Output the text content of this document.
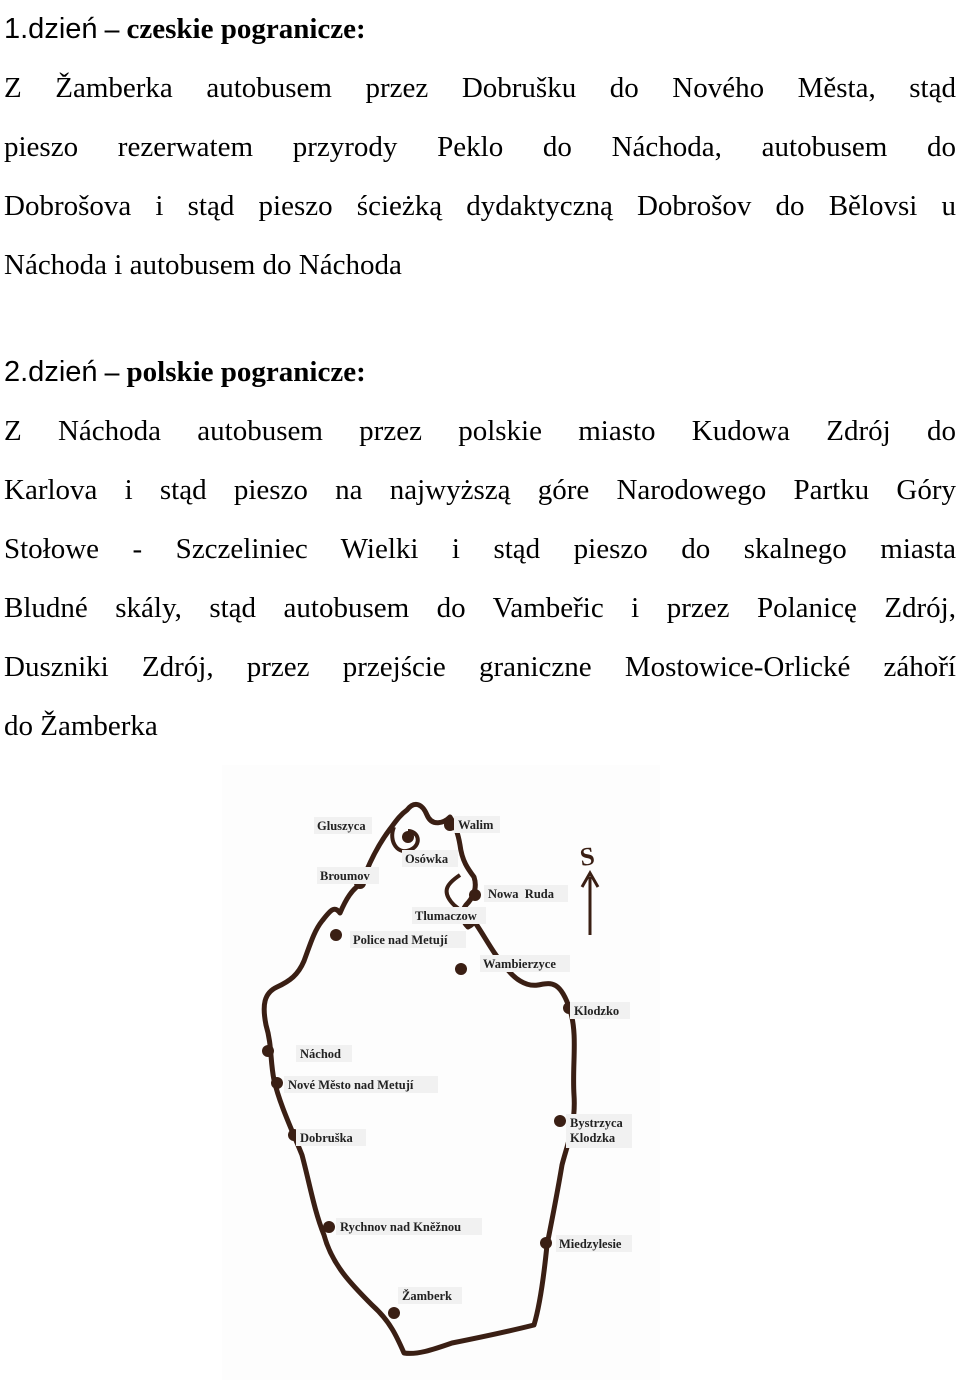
1.dzień – czeskie pogranicze:
Z Žamberka autobusem przez Dobrušku do Nového Města, stąd
pieszo rezerwatem przyrody Peklo do Náchoda, autobusem do
Dobrošova i stąd pieszo ścieżką dydaktyczną Dobrošov do Bělovsi u
Náchoda i autobusem do Náchoda
2.dzień – polskie pogranicze:
Z Náchoda autobusem przez polskie miasto Kudowa Zdrój do
Karlova i stąd pieszo na najwyższą góre Narodowego Partku Góry
Stołowe - Szczeliniec Wielki i stąd pieszo do skalnego miasta
Bludné skály, stąd autobusem do Vambeřic i przez Polanicę Zdrój,
Duszniki Zdrój, przez przejście graniczne Mostowice-Orlické záhoří
do Žamberka
S
Gluszyca	Walim
Osówka
Broumov
Nowa  Ruda
Tlumaczow
Police nad Metují
Wambierzyce
Klodzko
Náchod
Nové Město nad Metují
Dobruška
Bystrzyca
Klodzka
Rychnov nad Kněžnou
Miedzylesie
Žamberk
